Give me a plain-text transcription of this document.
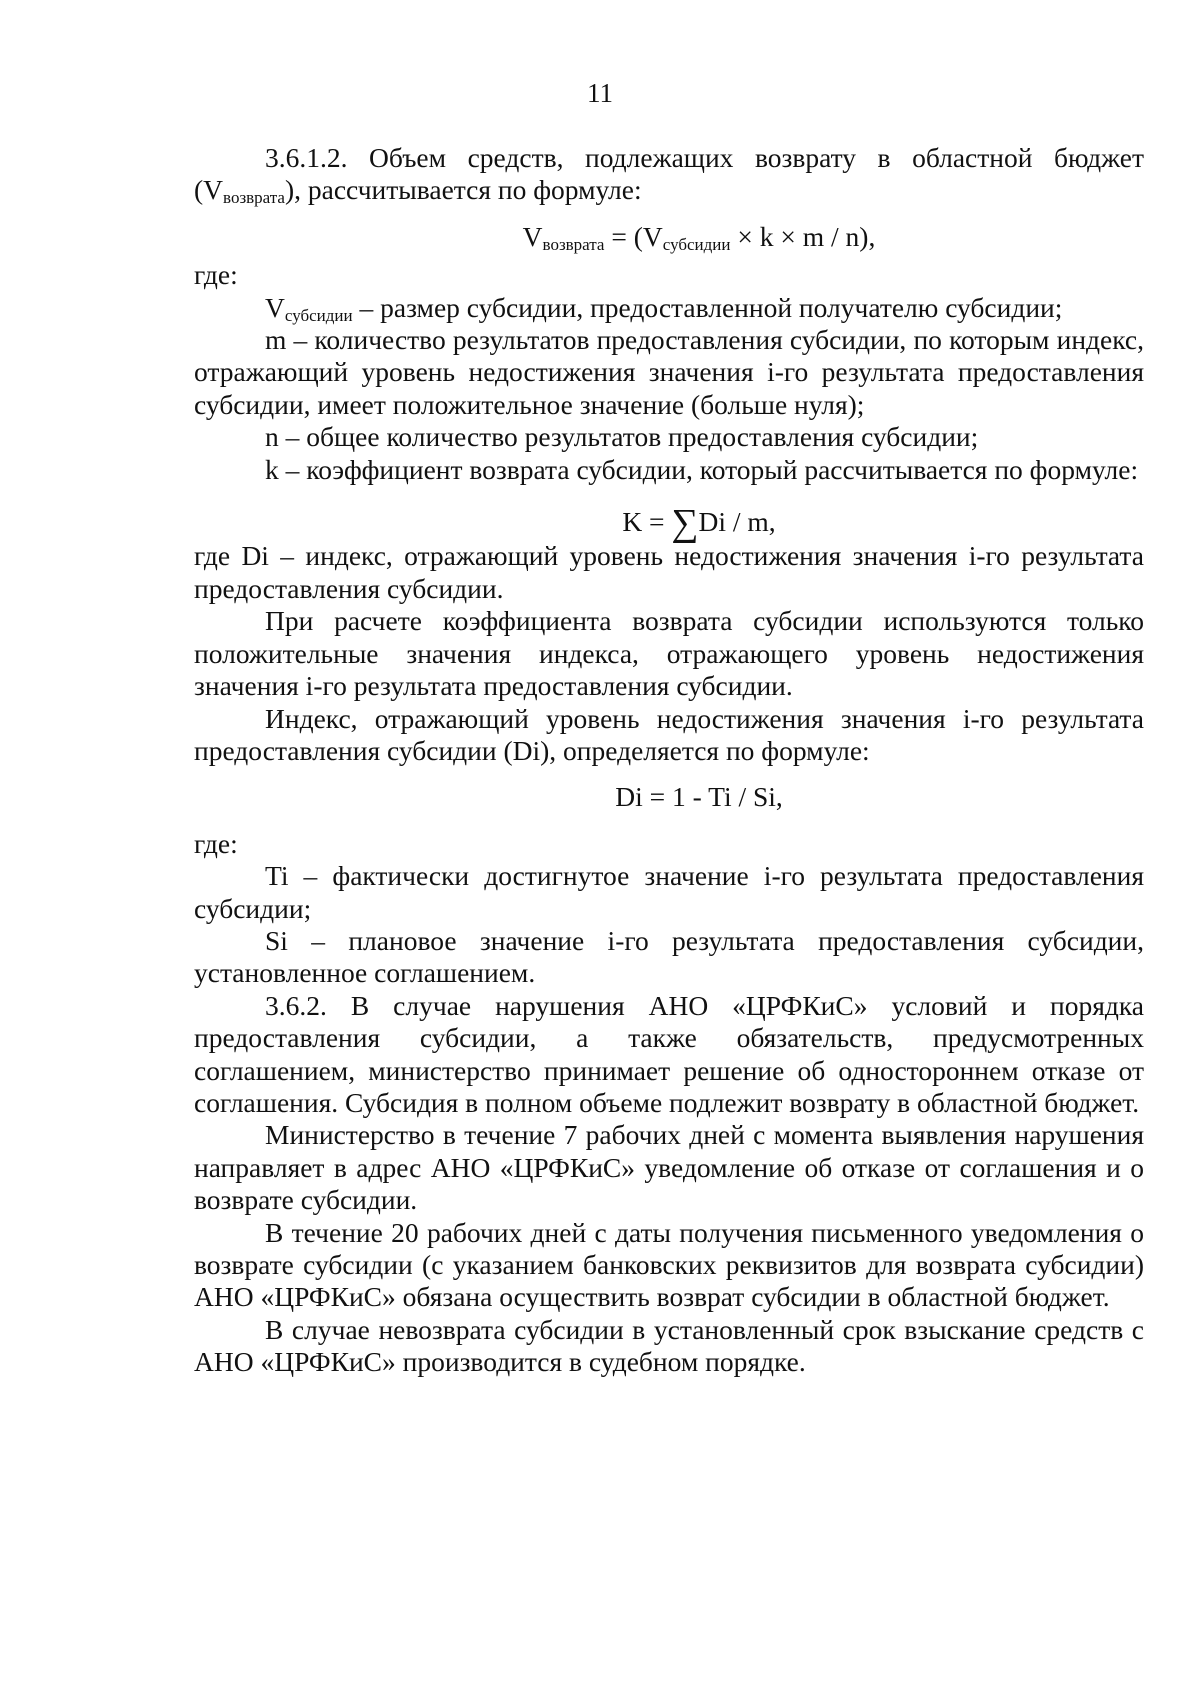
11

3.6.1.2. Объем средств, подлежащих возврату в областной бюджет $(V_{возврата})$, рассчитывается по формуле:

$V_{возврата} = (V_{субсидии} \times k \times m / n)$,

где:

$V_{субсидии}$ – размер субсидии, предоставленной получателю субсидии;

m – количество результатов предоставления субсидии, по которым индекс, отражающий уровень недостижения значения i-го результата предоставления субсидии, имеет положительное значение (больше нуля);

n – общее количество результатов предоставления субсидии;

k – коэффициент возврата субсидии, который рассчитывается по формуле:

K = ∑Di / m,

где Di – индекс, отражающий уровень недостижения значения i-го результата предоставления субсидии.

При расчете коэффициента возврата субсидии используются только положительные значения индекса, отражающего уровень недостижения значения i-го результата предоставления субсидии.

Индекс, отражающий уровень недостижения значения i-го результата предоставления субсидии (Di), определяется по формуле:

Di = 1 - Ti / Si,

где:

Ti – фактически достигнутое значение i-го результата предоставления субсидии;

Si – плановое значение i-го результата предоставления субсидии, установленное соглашением.

3.6.2. В случае нарушения АНО «ЦРФКиС» условий и порядка предоставления субсидии, а также обязательств, предусмотренных соглашением, министерство принимает решение об одностороннем отказе от соглашения. Субсидия в полном объеме подлежит возврату в областной бюджет.

Министерство в течение 7 рабочих дней с момента выявления нарушения направляет в адрес АНО «ЦРФКиС» уведомление об отказе от соглашения и о возврате субсидии.

В течение 20 рабочих дней с даты получения письменного уведомления о возврате субсидии (с указанием банковских реквизитов для возврата субсидии) АНО «ЦРФКиС» обязана осуществить возврат субсидии в областной бюджет.

В случае невозврата субсидии в установленный срок взыскание средств с АНО «ЦРФКиС» производится в судебном порядке.
